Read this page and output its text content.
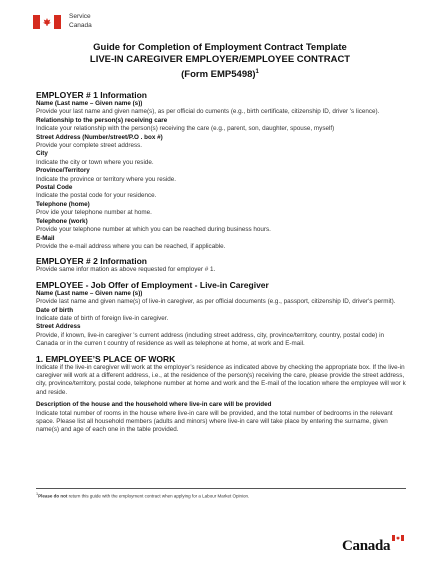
Service
Canada
Guide for Completion of Employment Contract Template
LIVE-IN CAREGIVER EMPLOYER/EMPLOYEE CONTRACT
(Form EMP5498)$^1$
EMPLOYER # 1 Information
Name (Last name – Given name (s))
Provide your last name and given name(s), as per official do cuments (e.g., birth certificate, citizenship ID, driver 's licence).
Relationship to the person(s) receiving care
Indicate your relationship with the person(s) receiving the care (e.g., parent, son, daughter, spouse, myself)
Street Address (Number/street/P.O . box #)
Provide your complete street address.
City
Indicate the city or town where you reside.
Province/Territory
Indicate the province or territory where you reside.
Postal Code
Indicate the postal code for your residence.
Telephone (home)
Prov ide your telephone number at home.
Telephone (work)
Provide your telephone number at which you can be reached during business hours.
E-Mail
Provide the e-mail address where you can be reached, if applicable.
EMPLOYER # 2 Information
Provide same infor mation as above requested for employer # 1.
EMPLOYEE - Job Offer of Employment - Live-in Caregiver
Name (Last name – Given name (s))
Provide last name and given name(s) of live-in caregiver, as per official documents (e.g., passport, citizenship ID, driver's permit).
Date of birth
Indicate date of birth of foreign live-in caregiver.
Street Address
Provide, if known, live-in caregiver 's current address (including street address, city, province/territory, country, postal code) in Canada or in the curren t country of residence as well as telephone at home, at work and E-mail.
1. EMPLOYEE’S PLACE OF WORK
Indicate if the live-in caregiver will work at the employer’s residence as indicated above by checking the appropriate box. If the live-in caregiver will work at a different address, i.e., at the residence of the person(s) receiving the care, please provide the street address, city, province/territory, postal code, telephone number at home and work and the E-mail of the location where the employee will wor k and reside.
Description of the house and the household where live-in care will be provided
Indicate total number of rooms in the house where live-in care will be provided, and the total number of bedrooms in the relevant space. Please list all household members (adults and minors) where live-in care will take place by entering the surname, given name(s) and age of each one in the table provided.
$^1$Please do not return this guide with the employment contract when applying for a Labour Market Opinion.
Canada
